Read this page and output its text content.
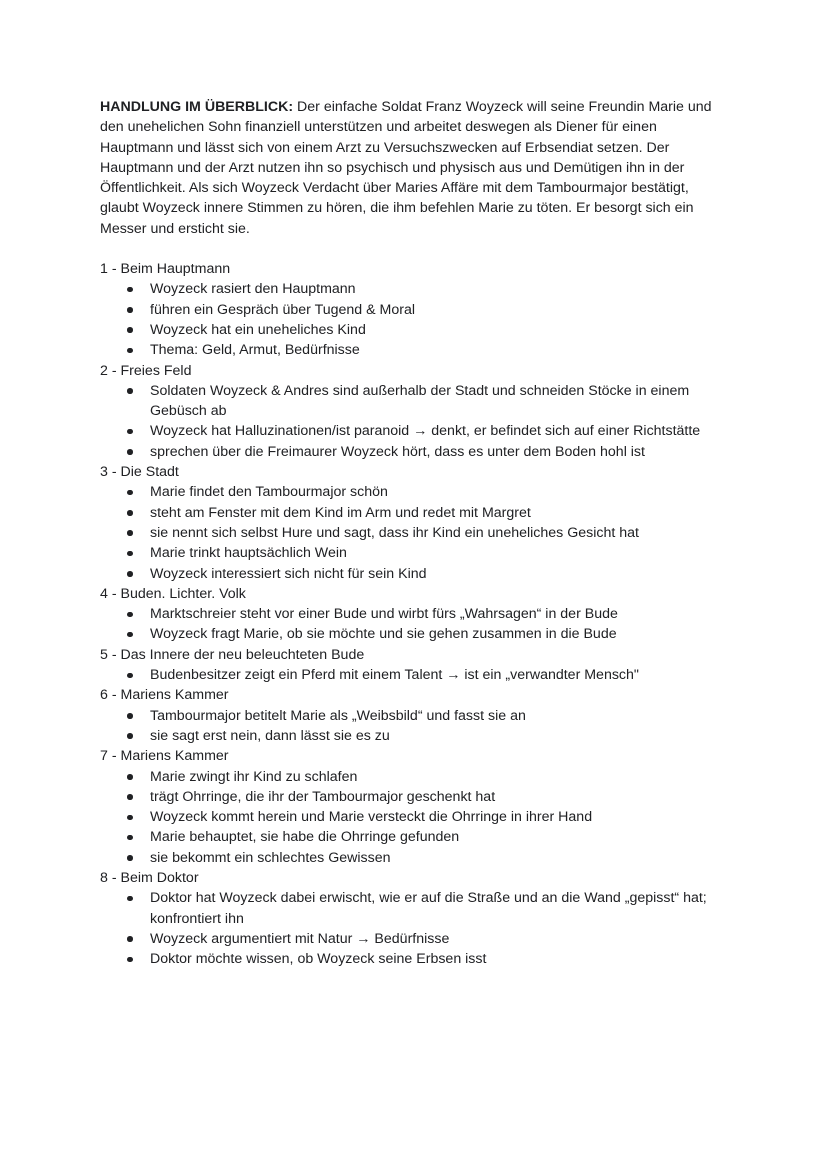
HANDLUNG IM ÜBERBLICK: Der einfache Soldat Franz Woyzeck will seine Freundin Marie und den unehelichen Sohn finanziell unterstützen und arbeitet deswegen als Diener für einen Hauptmann und lässt sich von einem Arzt zu Versuchszwecken auf Erbsendiat setzen. Der Hauptmann und der Arzt nutzen ihn so psychisch und physisch aus und Demütigen ihn in der Öffentlichkeit. Als sich Woyzeck Verdacht über Maries Affäre mit dem Tambourmajor bestätigt, glaubt Woyzeck innere Stimmen zu hören, die ihm befehlen Marie zu töten. Er besorgt sich ein Messer und ersticht sie.

1 - Beim Hauptmann

Woyzeck rasiert den Hauptmann
führen ein Gespräch über Tugend & Moral
Woyzeck hat ein uneheliches Kind
Thema: Geld, Armut, Bedürfnisse

2 - Freies Feld

Soldaten Woyzeck & Andres sind außerhalb der Stadt und schneiden Stöcke in einem Gebüsch ab
Woyzeck hat Halluzinationen/ist paranoid → denkt, er befindet sich auf einer Richtstätte
sprechen über die Freimaurer Woyzeck hört, dass es unter dem Boden hohl ist

3 - Die Stadt

Marie findet den Tambourmajor schön
steht am Fenster mit dem Kind im Arm und redet mit Margret
sie nennt sich selbst Hure und sagt, dass ihr Kind ein uneheliches Gesicht hat
Marie trinkt hauptsächlich Wein
Woyzeck interessiert sich nicht für sein Kind

4 - Buden. Lichter. Volk

Marktschreier steht vor einer Bude und wirbt fürs „Wahrsagen“ in der Bude
Woyzeck fragt Marie, ob sie möchte und sie gehen zusammen in die Bude

5 - Das Innere der neu beleuchteten Bude

Budenbesitzer zeigt ein Pferd mit einem Talent → ist ein „verwandter Mensch"

6 - Mariens Kammer

Tambourmajor betitelt Marie als „Weibsbild“ und fasst sie an
sie sagt erst nein, dann lässt sie es zu

7 - Mariens Kammer

Marie zwingt ihr Kind zu schlafen
trägt Ohrringe, die ihr der Tambourmajor geschenkt hat
Woyzeck kommt herein und Marie versteckt die Ohrringe in ihrer Hand
Marie behauptet, sie habe die Ohrringe gefunden
sie bekommt ein schlechtes Gewissen

8 - Beim Doktor

Doktor hat Woyzeck dabei erwischt, wie er auf die Straße und an die Wand „gepisst“ hat; konfrontiert ihn
Woyzeck argumentiert mit Natur → Bedürfnisse
Doktor möchte wissen, ob Woyzeck seine Erbsen isst
